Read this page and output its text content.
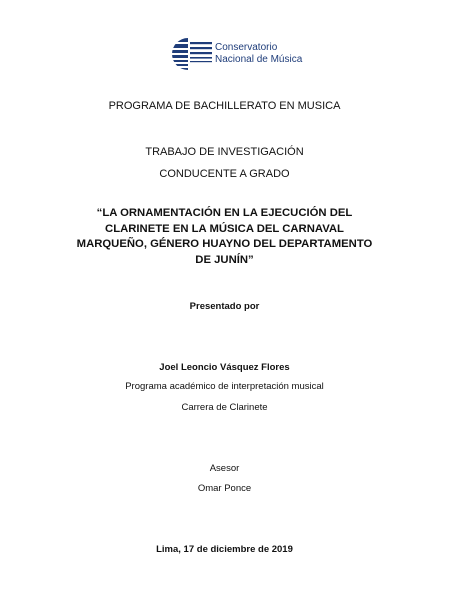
Conservatorio
Nacional de Música
PROGRAMA DE BACHILLERATO EN MUSICA
TRABAJO DE INVESTIGACIÓN
CONDUCENTE A GRADO
“LA ORNAMENTACIÓN EN LA EJECUCIÓN DEL
CLARINETE EN LA MÚSICA DEL CARNAVAL
MARQUEÑO, GÉNERO HUAYNO DEL DEPARTAMENTO
DE JUNÍN”
Presentado por
Joel Leoncio Vásquez Flores
Programa académico de interpretación musical
Carrera de Clarinete
Asesor
Omar Ponce
Lima, 17 de diciembre de 2019
